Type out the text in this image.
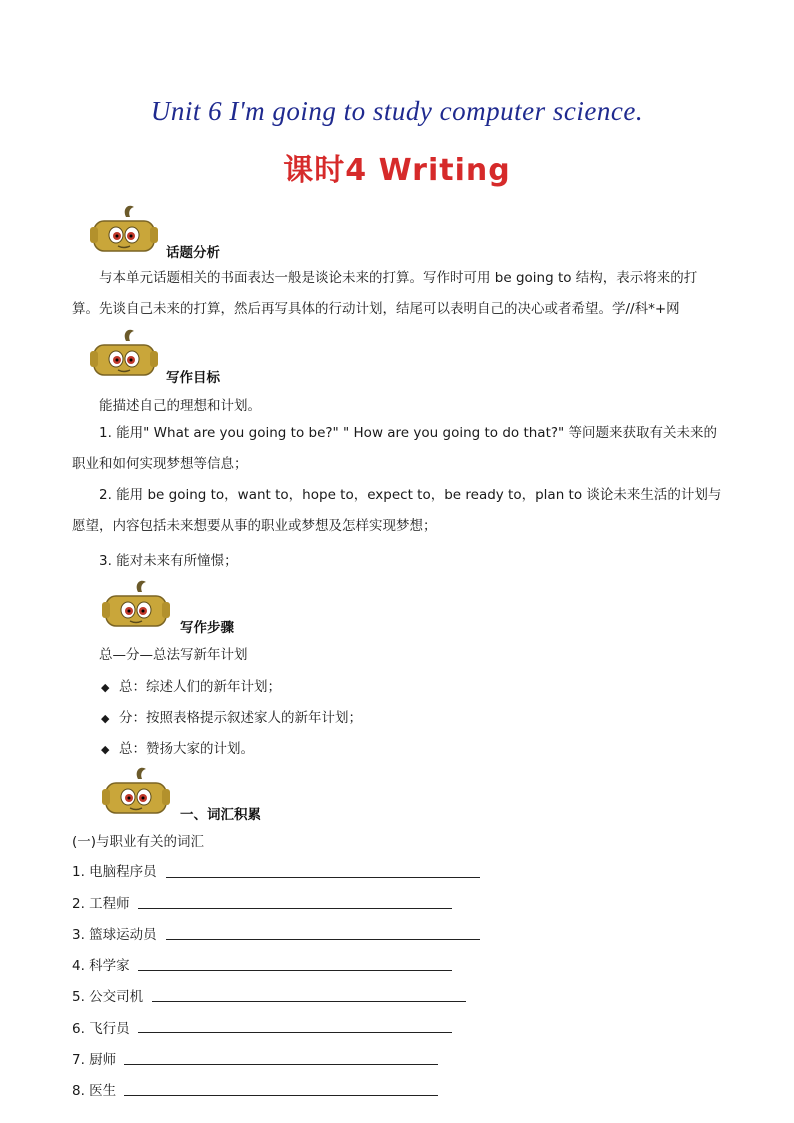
Unit 6 I'm going to study computer science.
课时4 Writing
话题分析
与本单元话题相关的书面表达一般是谈论未来的打算。写作时可用 be going to 结构，表示将来的打算。先谈自己未来的打算，然后再写具体的行动计划，结尾可以表明自己的决心或者希望。学//科*+网
写作目标
能描述自己的理想和计划。
1. 能用" What are you going to be?" " How are you going to do that?" 等问题来获取有关未来的职业和如何实现梦想等信息；
2. 能用 be going to，want to，hope to，expect to，be ready to，plan to 谈论未来生活的计划与愿望，内容包括未来想要从事的职业或梦想及怎样实现梦想；
3. 能对未来有所憧憬；
写作步骤
总—分—总法写新年计划
◆ 总：综述人们的新年计划；
◆ 分：按照表格提示叙述家人的新年计划；
◆ 总：赞扬大家的计划。
一、词汇积累
(一)与职业有关的词汇
1. 电脑程序员
2. 工程师
3. 篮球运动员
4. 科学家
5. 公交司机
6. 飞行员
7. 厨师
8. 医生
